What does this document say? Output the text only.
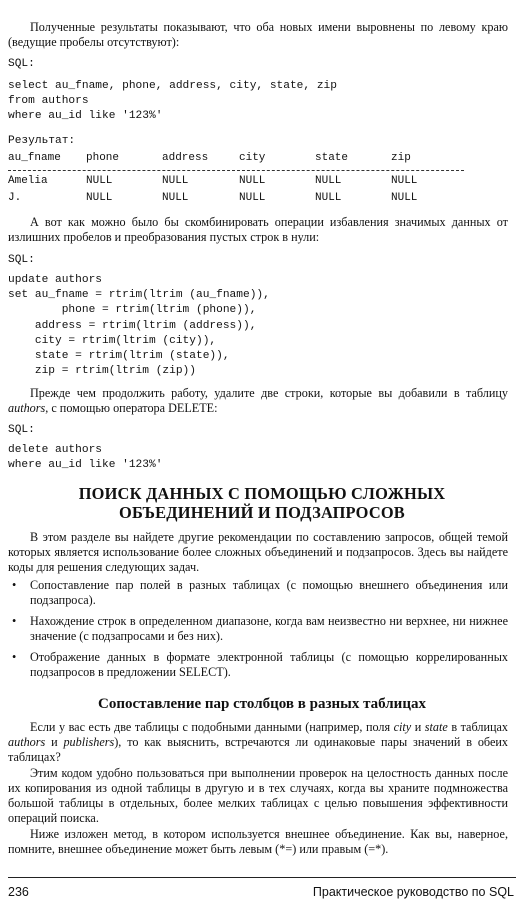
Полученные результаты показывают, что оба новых имени выровнены по левому краю (ведущие пробелы отсутствуют):
SQL:
select au_fname, phone, address, city, state, zip
from authors
where au_id like '123%'
Результат:
au_fname phone	address	city	state	zip
Amelia	NULL	NULL	NULL	NULL	NULL
J.	NULL	NULL	NULL	NULL	NULL
А вот как можно было бы скомбинировать операции избавления значимых данных от излишних пробелов и преобразования пустых строк в нули:
SQL:
update authors
set au_fname = rtrim(ltrim (au_fname)),
phone = rtrim(ltrim (phone)),
address = rtrim(ltrim (address)),
city = rtrim(ltrim (city)),
state = rtrim(ltrim (state)),
zip = rtrim(ltrim (zip))
Прежде чем продолжить работу, удалите две строки, которые вы добавили в таблицу authors, с помощью оператора DELETE:
SQL:
delete authors
where au_id like '123%'
ПОИСК ДАННЫХ С ПОМОЩЬЮ СЛОЖНЫХ
ОБЪЕДИНЕНИЙ И ПОДЗАПРОСОВ
В этом разделе вы найдете другие рекомендации по составлению запросов, общей темой которых является использование более сложных объединений и подзапросов. Здесь вы найдете коды для решения следующих задач.
• Сопоставление пар полей в разных таблицах (с помощью внешнего объединения или подзапроса).
• Нахождение строк в определенном диапазоне, когда вам неизвестно ни верхнее, ни нижнее значение (с подзапросами и без них).
• Отображение данных в формате электронной таблицы (с помощью коррелированных подзапросов в предложении SELECT).
Сопоставление пар столбцов в разных таблицах
Если у вас есть две таблицы с подобными данными (например, поля city и state в таблицах authors и publishers), то как выяснить, встречаются ли одинаковые пары значений в обеих таблицах?
Этим кодом удобно пользоваться при выполнении проверок на целостность данных после их копирования из одной таблицы в другую и в тех случаях, когда вы храните подмножества большой таблицы в отдельных, более мелких таблицах с целью повышения эффективности операций поиска.
Ниже изложен метод, в котором используется внешнее объединение. Как вы, наверное, помните, внешнее объединение может быть левым (*=) или правым (=*).
236	Практическое руководство по SQL
